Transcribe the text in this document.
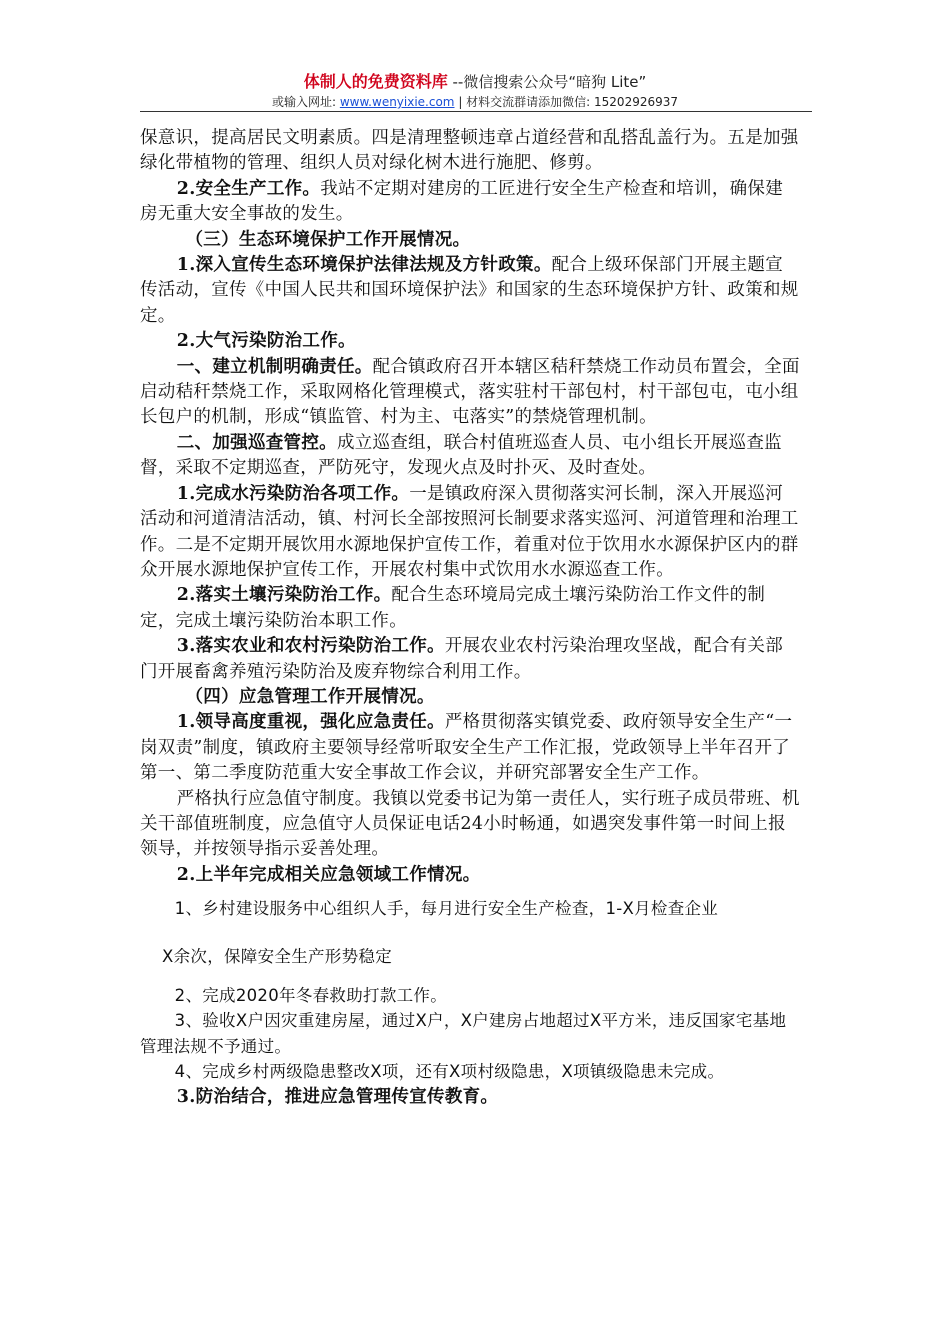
体制人的免费资料库 --微信搜索公众号“暗狗 Lite”
或输入网址: www.wenyixie.com | 材料交流群请添加微信: 15202926937

保意识，提高居民文明素质。四是清理整顿违章占道经营和乱搭乱盖行为。五是加强绿化带植物的管理、组织人员对绿化树木进行施肥、修剪。

2.安全生产工作。我站不定期对建房的工匠进行安全生产检查和培训，确保建房无重大安全事故的发生。

（三）生态环境保护工作开展情况。

1.深入宣传生态环境保护法律法规及方针政策。配合上级环保部门开展主题宣传活动，宣传《中国人民共和国环境保护法》和国家的生态环境保护方针、政策和规定。

2.大气污染防治工作。

一、建立机制明确责任。配合镇政府召开本辖区秸秆禁烧工作动员布置会，全面启动秸秆禁烧工作，采取网格化管理模式，落实驻村干部包村，村干部包屯，屯小组长包户的机制，形成“镇监管、村为主、屯落实”的禁烧管理机制。

二、加强巡查管控。成立巡查组，联合村值班巡查人员、屯小组长开展巡查监督，采取不定期巡查，严防死守，发现火点及时扑灭、及时查处。

1.完成水污染防治各项工作。一是镇政府深入贯彻落实河长制，深入开展巡河活动和河道清洁活动，镇、村河长全部按照河长制要求落实巡河、河道管理和治理工作。二是不定期开展饮用水源地保护宣传工作，着重对位于饮用水水源保护区内的群众开展水源地保护宣传工作，开展农村集中式饮用水水源巡查工作。

2.落实土壤污染防治工作。配合生态环境局完成土壤污染防治工作文件的制定，完成土壤污染防治本职工作。

3.落实农业和农村污染防治工作。开展农业农村污染治理攻坚战，配合有关部门开展畜禽养殖污染防治及废弃物综合利用工作。

（四）应急管理工作开展情况。

1.领导高度重视，强化应急责任。严格贯彻落实镇党委、政府领导安全生产“一岗双责”制度，镇政府主要领导经常听取安全生产工作汇报，党政领导上半年召开了第一、第二季度防范重大安全事故工作会议，并研究部署安全生产工作。

严格执行应急值守制度。我镇以党委书记为第一责任人，实行班子成员带班、机关干部值班制度，应急值守人员保证电话24小时畅通，如遇突发事件第一时间上报领导，并按领导指示妥善处理。

2.上半年完成相关应急领域工作情况。

1、乡村建设服务中心组织人手，每月进行安全生产检查，1-X月检查企业

X余次，保障安全生产形势稳定

2、完成2020年冬春救助打款工作。

3、验收X户因灾重建房屋，通过X户，X户建房占地超过X平方米，违反国家宅基地管理法规不予通过。

4、完成乡村两级隐患整改X项，还有X项村级隐患，X项镇级隐患未完成。

3.防治结合，推进应急管理传宣传教育。
